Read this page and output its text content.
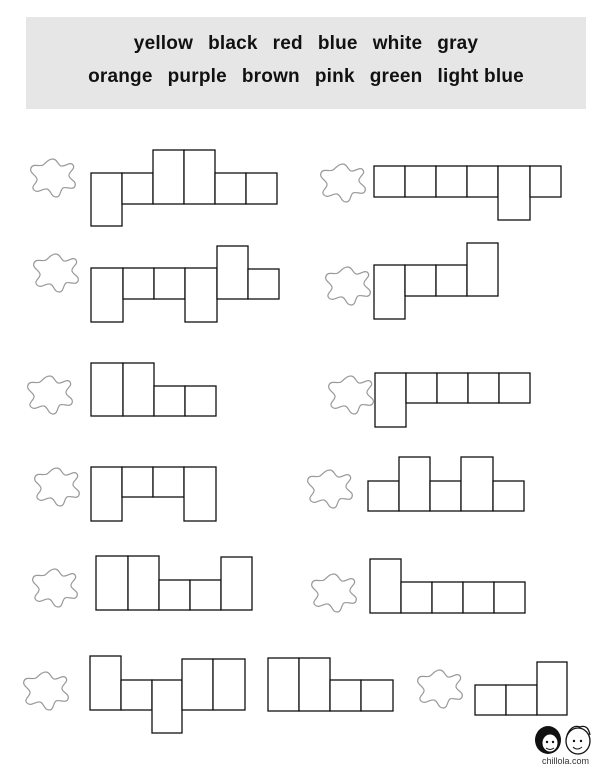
yellow black red blue white gray
orange purple brown pink green light blue
chillola.com
